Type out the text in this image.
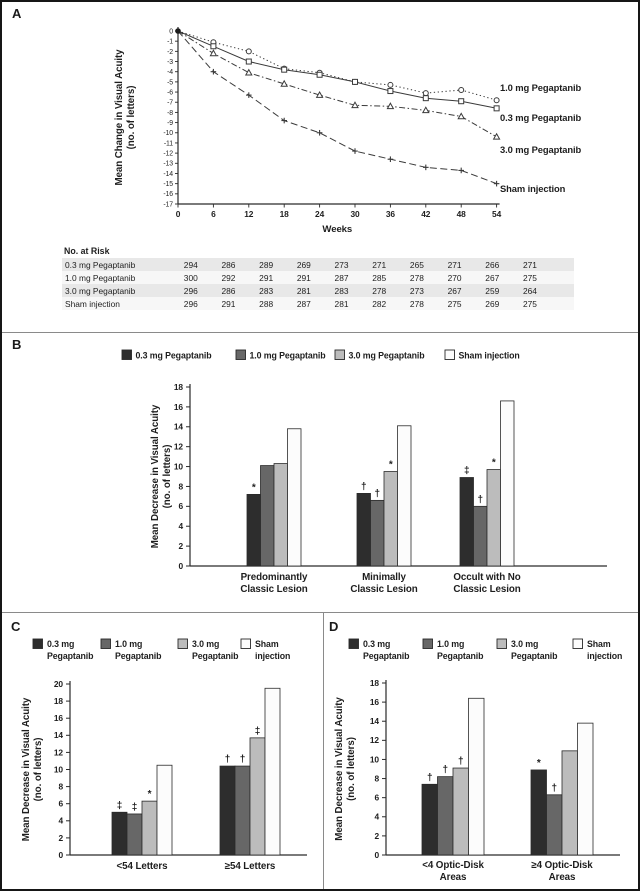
A
0
-1
-2
-3
-4
-5
-6
-7
-8
-9
-10
-11
-12
-13
-14
-15
-16
-17
0	6	12	18	24	30	36	42	48	54
Weeks
Mean Change in Visual Acuity (no. of letters)	1.0 mg Pegaptanib
0.3 mg Pegaptanib
3.0 mg Pegaptanib
Sham injection
No. at Risk
0.3 mg Pegaptanib	294	286	289	269	273	271	265	271	266	271	
1.0 mg Pegaptanib	300	292	291	291	287	285	278	270	267	275	
3.0 mg Pegaptanib	296	286	283	281	283	278	273	267	259	264	
Sham injection	296	291	288	287	281	282	278	275	269	275	
B
0.3 mg Pegaptanib	1.0 mg Pegaptanib	3.0 mg Pegaptanib	Sham injection
0
2
4
6
8
10
12
14
16
18
Mean Decrease in Visual Acuity (no. of letters)	*
Predominantly
Classic Lesion
†
†
*
Minimally
Classic Lesion
‡
†
*
Occult with No
Classic Lesion
C
0.3 mg
Pegaptanib
1.0 mg
Pegaptanib
3.0 mg
Pegaptanib
Sham
injection
0
2
4
6
8
10
12
14
16
18
20
Mean Decrease in Visual Acuity (no. of letters)
‡ ‡
*
<54 Letters
† †
‡
≥54 Letters
D
0.3 mg
Pegaptanib
1.0 mg
Pegaptanib
3.0 mg
Pegaptanib
Sham
injection
0
2
4
6
8
10
12
14
16
18
Mean Decrease in Visual Acuity (no. of letters)	†
†
†
<4 Optic-Disk
Areas
*
†
≥4 Optic-Disk
Areas
